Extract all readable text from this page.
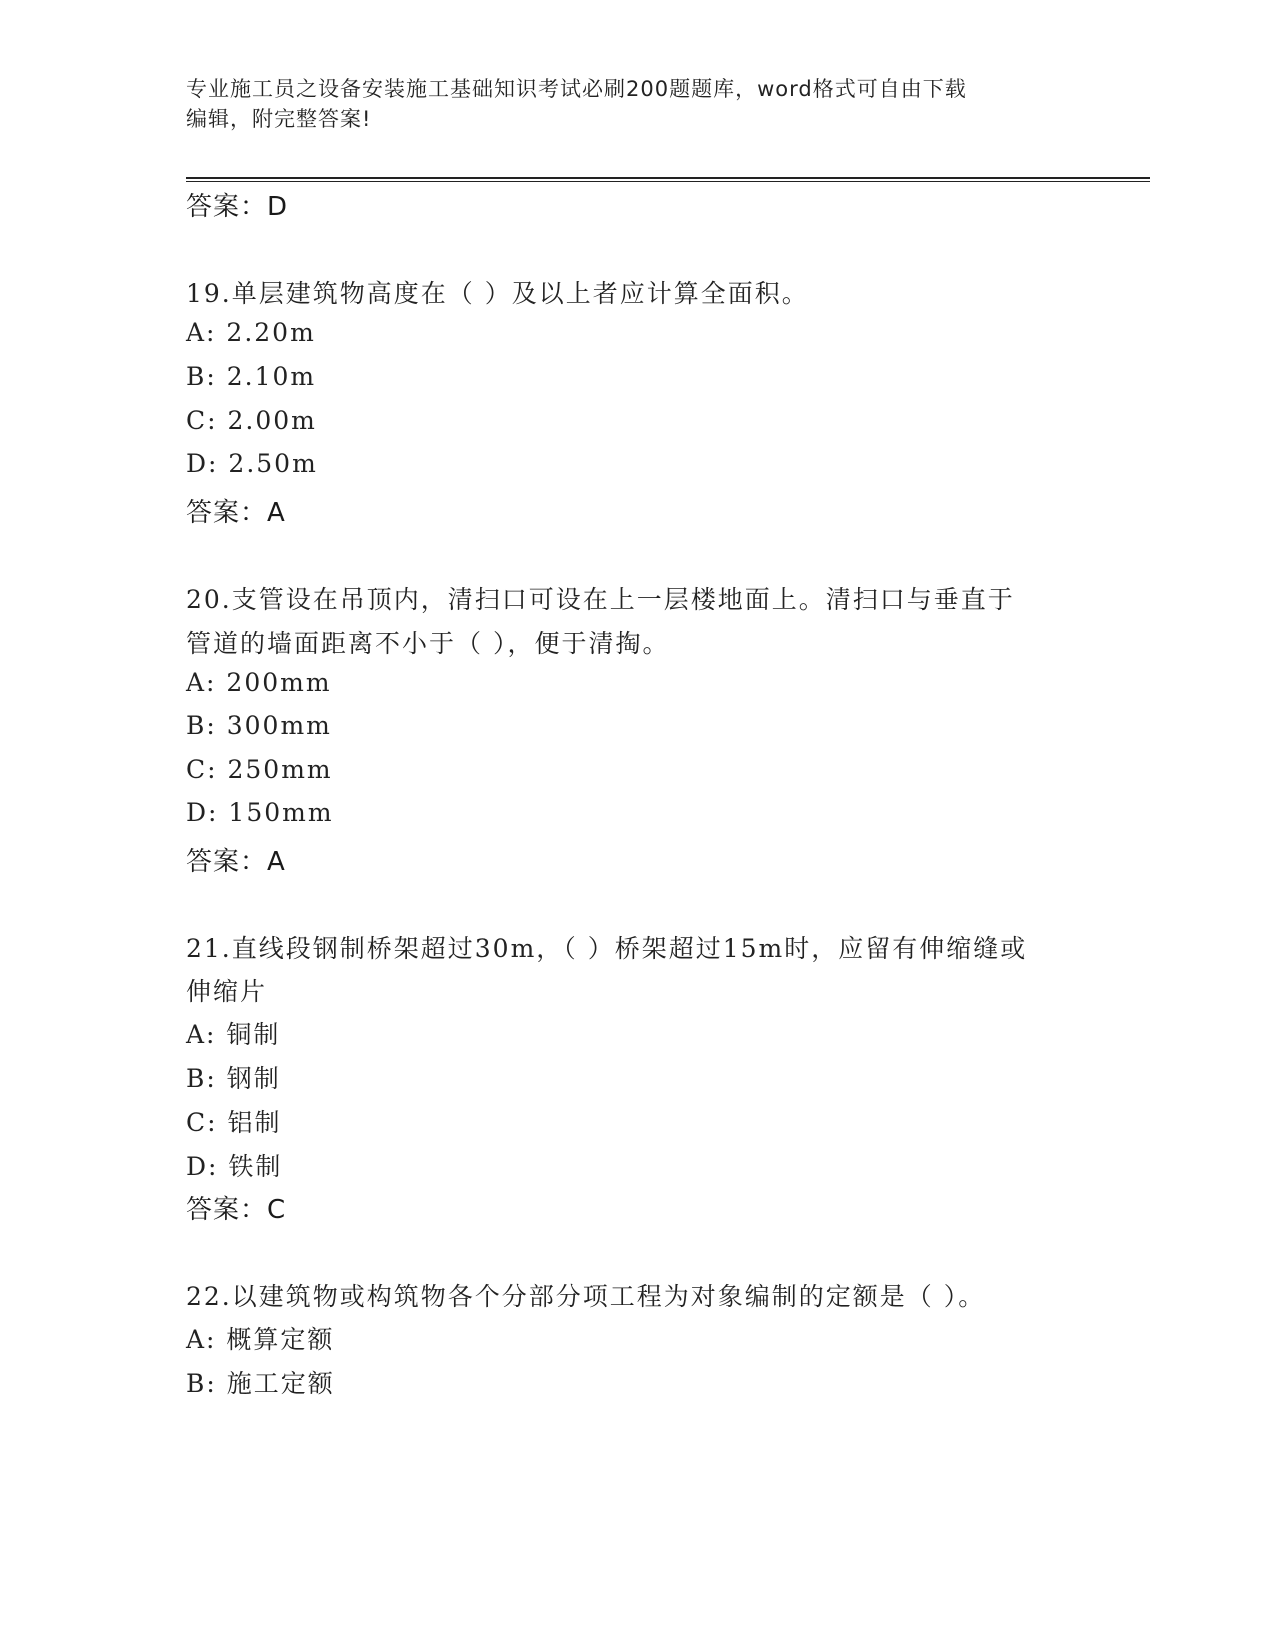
专业施工员之设备安装施工基础知识考试必刷200题题库，word格式可自由下载
编辑，附完整答案!
答案：D
19.单层建筑物高度在（ ）及以上者应计算全面积。
A: 2.20m
B: 2.10m
C: 2.00m
D: 2.50m
答案：A
20.支管设在吊顶内，清扫口可设在上一层楼地面上。清扫口与垂直于
管道的墙面距离不小于（ ），便于清掏。
A: 200mm
B: 300mm
C: 250mm
D: 150mm
答案：A
21.直线段钢制桥架超过30m，（ ）桥架超过15m时，应留有伸缩缝或
伸缩片
A: 铜制
B: 钢制
C: 铝制
D: 铁制
答案：C
22.以建筑物或构筑物各个分部分项工程为对象编制的定额是（ ）。
A: 概算定额
B: 施工定额
